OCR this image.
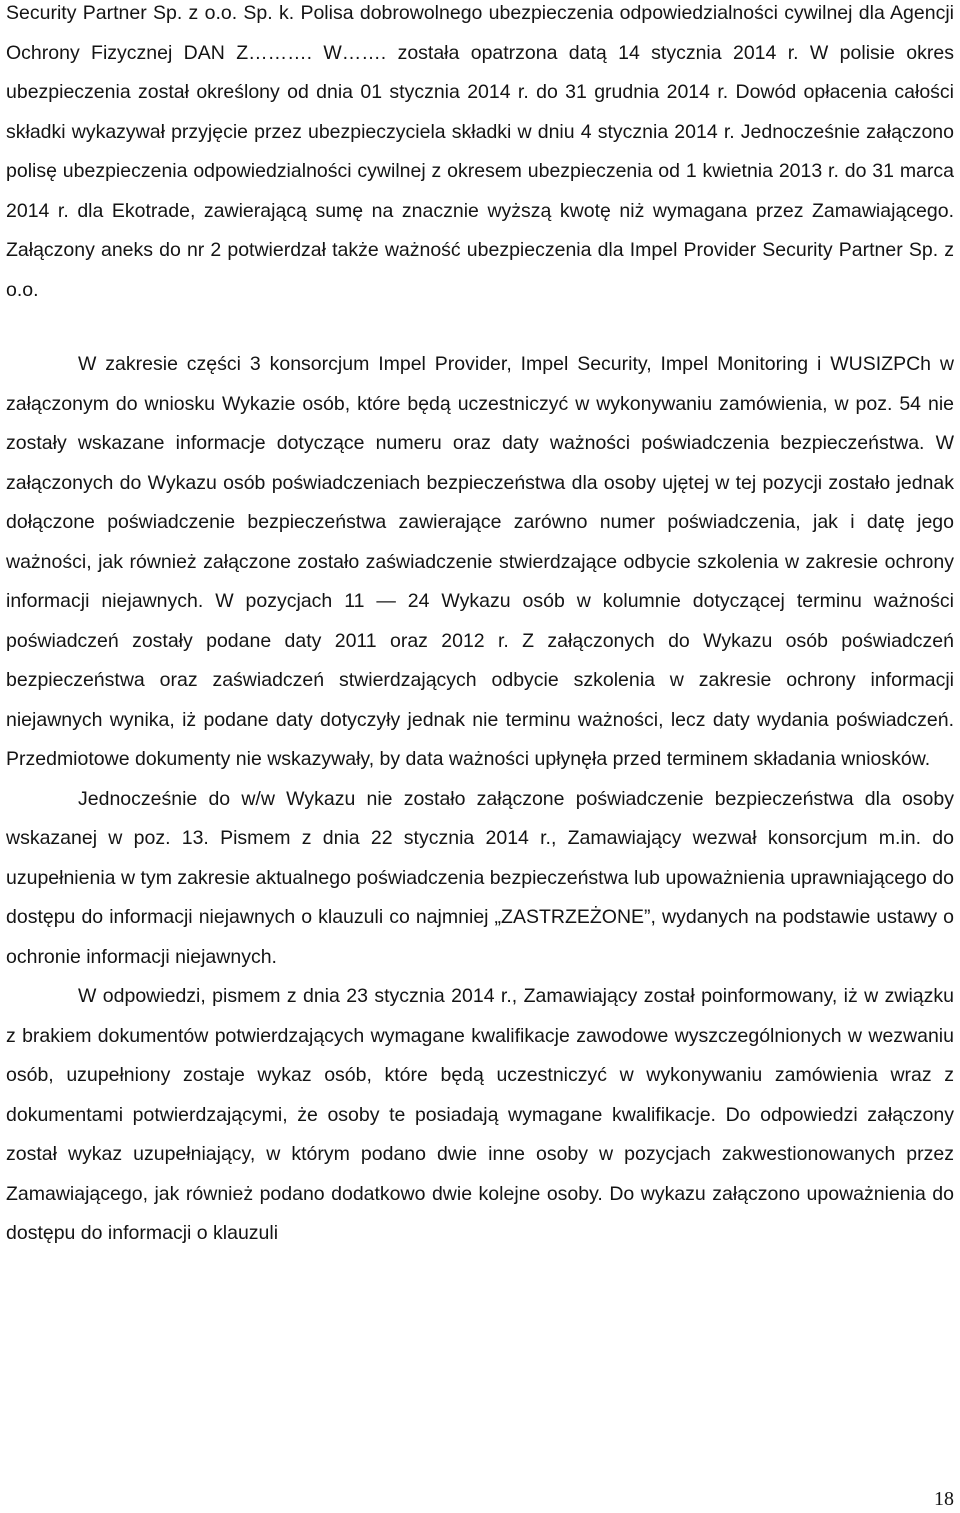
Security Partner Sp. z o.o. Sp. k. Polisa dobrowolnego ubezpieczenia odpowiedzialności cywilnej dla Agencji Ochrony Fizycznej DAN Z………. W……. została opatrzona datą 14 stycznia 2014 r. W polisie okres ubezpieczenia został określony od dnia 01 stycznia 2014 r. do 31 grudnia 2014 r. Dowód opłacenia całości składki wykazywał przyjęcie przez ubezpieczyciela składki w dniu 4 stycznia 2014 r. Jednocześnie załączono polisę ubezpieczenia odpowiedzialności cywilnej z okresem ubezpieczenia od 1 kwietnia 2013 r. do 31 marca 2014 r. dla Ekotrade, zawierającą sumę na znacznie wyższą kwotę niż wymagana przez Zamawiającego. Załączony aneks do nr 2 potwierdzał także ważność ubezpieczenia dla Impel Provider Security Partner Sp. z o.o.

W zakresie części 3 konsorcjum Impel Provider, Impel Security, Impel Monitoring i WUSIZPCh w załączonym do wniosku Wykazie osób, które będą uczestniczyć w wykonywaniu zamówienia, w poz. 54 nie zostały wskazane informacje dotyczące numeru oraz daty ważności poświadczenia bezpieczeństwa. W załączonych do Wykazu osób poświadczeniach bezpieczeństwa dla osoby ujętej w tej pozycji zostało jednak dołączone poświadczenie bezpieczeństwa zawierające zarówno numer poświadczenia, jak i datę jego ważności, jak również załączone zostało zaświadczenie stwierdzające odbycie szkolenia w zakresie ochrony informacji niejawnych. W pozycjach 11 — 24 Wykazu osób w kolumnie dotyczącej terminu ważności poświadczeń zostały podane daty 2011 oraz 2012 r. Z załączonych do Wykazu osób poświadczeń bezpieczeństwa oraz zaświadczeń stwierdzających odbycie szkolenia w zakresie ochrony informacji niejawnych wynika, iż podane daty dotyczyły jednak nie terminu ważności, lecz daty wydania poświadczeń. Przedmiotowe dokumenty nie wskazywały, by data ważności upłynęła przed terminem składania wniosków.

Jednocześnie do w/w Wykazu nie zostało załączone poświadczenie bezpieczeństwa dla osoby wskazanej w poz. 13. Pismem z dnia 22 stycznia 2014 r., Zamawiający wezwał konsorcjum m.in. do uzupełnienia w tym zakresie aktualnego poświadczenia bezpieczeństwa lub upoważnienia uprawniającego do dostępu do informacji niejawnych o klauzuli co najmniej „ZASTRZEŻONE”, wydanych na podstawie ustawy o ochronie informacji niejawnych.

W odpowiedzi, pismem z dnia 23 stycznia 2014 r., Zamawiający został poinformowany, iż w związku z brakiem dokumentów potwierdzających wymagane kwalifikacje zawodowe wyszczególnionych w wezwaniu osób, uzupełniony zostaje wykaz osób, które będą uczestniczyć w wykonywaniu zamówienia wraz z dokumentami potwierdzającymi, że osoby te posiadają wymagane kwalifikacje. Do odpowiedzi załączony został wykaz uzupełniający, w którym podano dwie inne osoby w pozycjach zakwestionowanych przez Zamawiającego, jak również podano dodatkowo dwie kolejne osoby. Do wykazu załączono upoważnienia do dostępu do informacji o klauzuli

18
